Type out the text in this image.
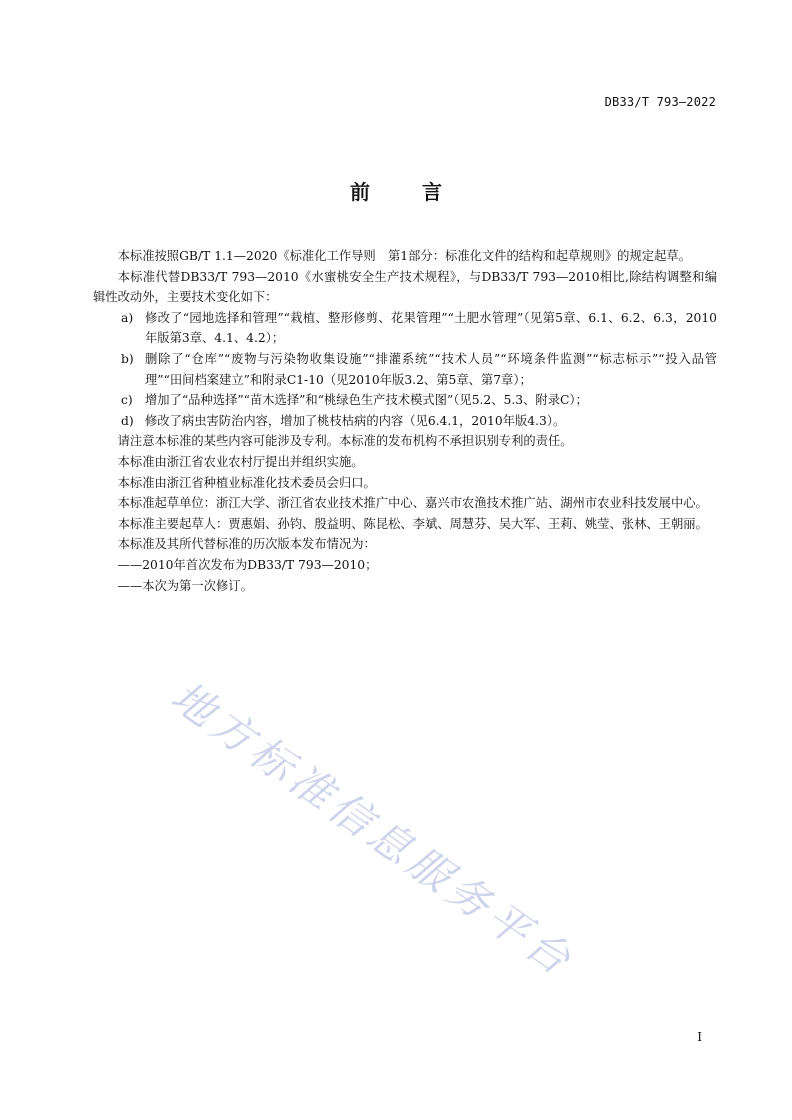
DB33/T 793—2022
前	言

本标准按照GB/T 1.1—2020《标准化工作导则　第1部分：标准化文件的结构和起草规则》的规定起草。

本标准代替DB33/T 793—2010《水蜜桃安全生产技术规程》，与DB33/T 793—2010相比,除结构调整和编辑性改动外，主要技术变化如下：

a) 修改了“园地选择和管理”“栽植、整形修剪、花果管理”“土肥水管理”（见第5章、6.1、6.2、6.3，2010年版第3章、4.1、4.2）；

b) 删除了“仓库”“废物与污染物收集设施”“排灌系统”“技术人员”“环境条件监测”“标志标示”“投入品管理”“田间档案建立”和附录C1-10（见2010年版3.2、第5章、第7章）；

c) 增加了“品种选择”“苗木选择”和“桃绿色生产技术模式图”（见5.2、5.3、附录C）；

d) 修改了病虫害防治内容，增加了桃枝枯病的内容（见6.4.1，2010年版4.3）。

请注意本标准的某些内容可能涉及专利。本标准的发布机构不承担识别专利的责任。

本标准由浙江省农业农村厅提出并组织实施。

本标准由浙江省种植业标准化技术委员会归口。

本标准起草单位：浙江大学、浙江省农业技术推广中心、嘉兴市农渔技术推广站、湖州市农业科技发展中心。

本标准主要起草人：贾惠娟、孙钧、殷益明、陈昆松、李斌、周慧芬、吴大军、王莉、姚莹、张林、王朝丽。

本标准及其所代替标准的历次版本发布情况为：

——2010年首次发布为DB33/T 793—2010；

——本次为第一次修订。

地方标准信息服务平台
I
